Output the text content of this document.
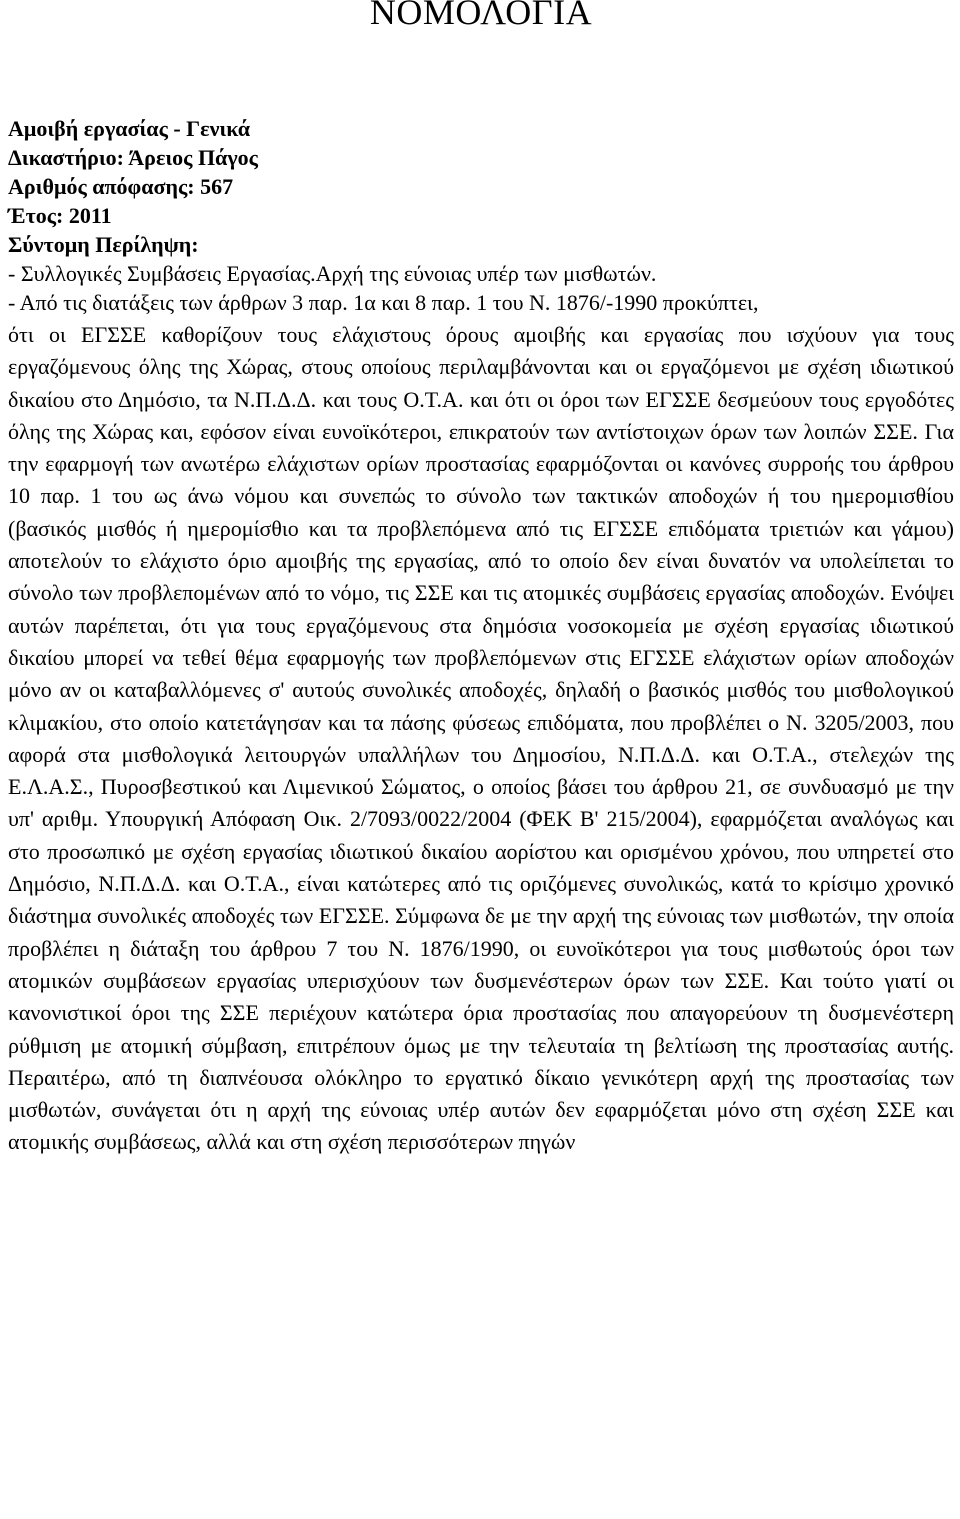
ΝΟΜΟΛΟΓΙΑ
Αμοιβή εργασίας - Γενικά
Δικαστήριο: Άρειος Πάγος
Αριθμός απόφασης: 567
Έτος: 2011
Σύντομη Περίληψη:
- Συλλογικές Συμβάσεις Εργασίας.Αρχή της εύνοιας υπέρ των μισθωτών.
- Από τις διατάξεις των άρθρων 3 παρ. 1α και 8 παρ. 1 του Ν. 1876/-1990 προκύπτει,

ότι οι ΕΓΣΣΕ καθορίζουν τους ελάχιστους όρους αμοιβής και εργασίας που ισχύουν για τους εργαζόμενους όλης της Χώρας, στους οποίους περιλαμβάνονται και οι εργαζόμενοι με σχέση ιδιωτικού δικαίου στο Δημόσιο, τα Ν.Π.Δ.Δ. και τους Ο.Τ.Α. και ότι οι όροι των ΕΓΣΣΕ δεσμεύουν τους εργοδότες όλης της Χώρας και, εφόσον είναι ευνοϊκότεροι, επικρατούν των αντίστοιχων όρων των λοιπών ΣΣΕ. Για την εφαρμογή των ανωτέρω ελάχιστων ορίων προστασίας εφαρμόζονται οι κανόνες συρροής του άρθρου 10 παρ. 1 του ως άνω νόμου και συνεπώς το σύνολο των τακτικών αποδοχών ή του ημερομισθίου (βασικός μισθός ή ημερομίσθιο και τα προβλεπόμενα από τις ΕΓΣΣΕ επιδόματα τριετιών και γάμου) αποτελούν το ελάχιστο όριο αμοιβής της εργασίας, από το οποίο δεν είναι δυνατόν να υπολείπεται το σύνολο των προβλεπομένων από το νόμο, τις ΣΣΕ και τις ατομικές συμβάσεις εργασίας αποδοχών. Ενόψει αυτών παρέπεται, ότι για τους εργαζόμενους στα δημόσια νοσοκομεία με σχέση εργασίας ιδιωτικού δικαίου μπορεί να τεθεί θέμα εφαρμογής των προβλεπόμενων στις ΕΓΣΣΕ ελάχιστων ορίων αποδοχών μόνο αν οι καταβαλλόμενες σ' αυτούς συνολικές αποδοχές, δηλαδή ο βασικός μισθός του μισθολογικού κλιμακίου, στο οποίο κατετάγησαν και τα πάσης φύσεως επιδόματα, που προβλέπει ο Ν. 3205/2003, που αφορά στα μισθολογικά λειτουργών υπαλλήλων του Δημοσίου, Ν.Π.Δ.Δ. και Ο.Τ.Α., στελεχών της Ε.Λ.Α.Σ., Πυροσβεστικού και Λιμενικού Σώματος, ο οποίος βάσει του άρθρου 21, σε συνδυασμό με την υπ' αριθμ. Υπουργική Απόφαση Οικ. 2/7093/0022/2004 (ΦΕΚ Β' 215/2004), εφαρμόζεται αναλόγως και στο προσωπικό με σχέση εργασίας ιδιωτικού δικαίου αορίστου και ορισμένου χρόνου, που υπηρετεί στο Δημόσιο, Ν.Π.Δ.Δ. και Ο.Τ.Α., είναι κατώτερες από τις οριζόμενες συνολικώς, κατά το κρίσιμο χρονικό διάστημα συνολικές αποδοχές των ΕΓΣΣΕ. Σύμφωνα δε με την αρχή της εύνοιας των μισθωτών, την οποία προβλέπει η διάταξη του άρθρου 7 του Ν. 1876/1990, οι ευνοϊκότεροι για τους μισθωτούς όροι των ατομικών συμβάσεων εργασίας υπερισχύουν των δυσμενέστερων όρων των ΣΣΕ. Και τούτο γιατί οι κανονιστικοί όροι της ΣΣΕ περιέχουν κατώτερα όρια προστασίας που απαγορεύουν τη δυσμενέστερη ρύθμιση με ατομική σύμβαση, επιτρέπουν όμως με την τελευταία τη βελτίωση της προστασίας αυτής. Περαιτέρω, από τη διαπνέουσα ολόκληρο το εργατικό δίκαιο γενικότερη αρχή της προστασίας των μισθωτών, συνάγεται ότι η αρχή της εύνοιας υπέρ αυτών δεν εφαρμόζεται μόνο στη σχέση ΣΣΕ και ατομικής συμβάσεως, αλλά και στη σχέση περισσότερων πηγών
